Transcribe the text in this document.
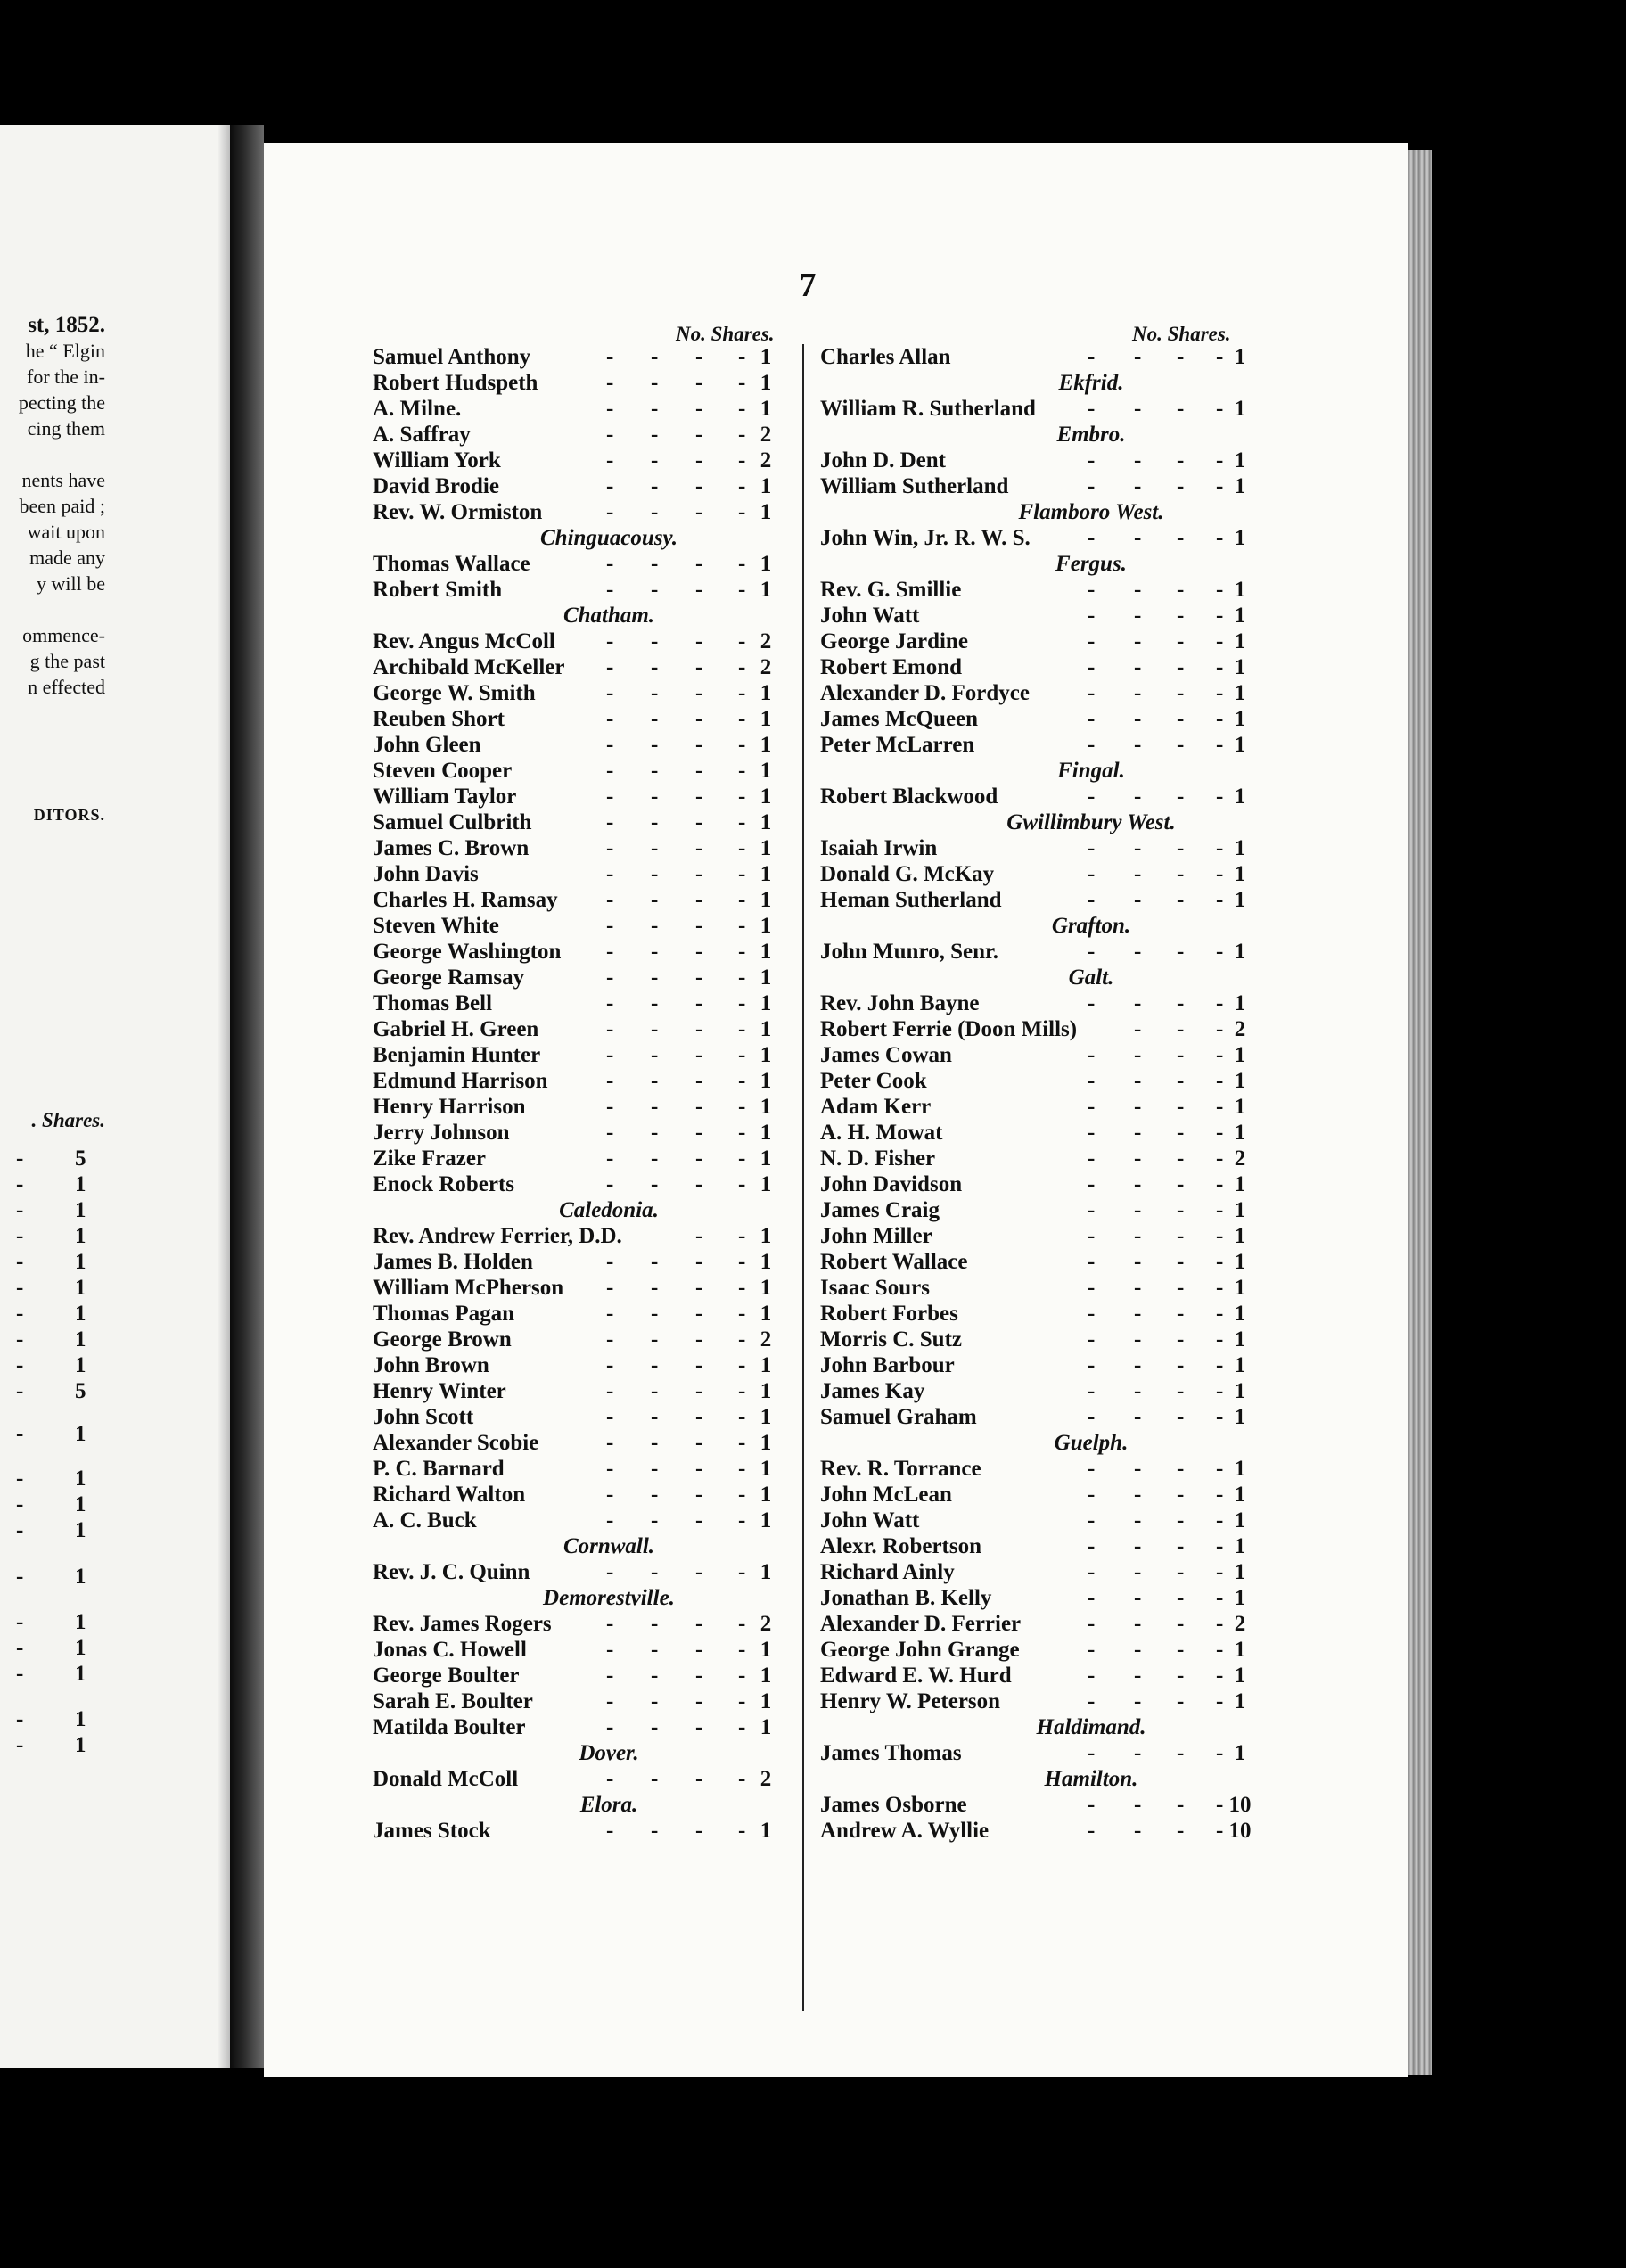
st, 1852.
he “ Elgin
for the in-
pecting the
cing them
nents have
been paid ;
wait upon
made any
y will be
ommence-
g the past
n effected
DITORS.
. Shares.
- 5
- 1
- 1
- 1
- 1
- 1
- 1
- 1
- 1
- 5
- 1
- 1
- 1
- 1
- 1
- 1
- 1
- 1
- 1
- 1
7
No. Shares.	No. Shares.
Samuel Anthony	- - - - 1
Robert Hudspeth	- - - - 1
A. Milne.	- - - - 1
A. Saffray	- - - - 2
William York	- - - - 2
David Brodie	- - - - 1
Rev. W. Ormiston	- - - - 1
Chinguacousy.
Thomas Wallace	- - - - 1
Robert Smith	- - - - 1
Chatham.
Rev. Angus McColl - - - - 2
Archibald McKeller - - - - 2
George W. Smith	- - - - 1
Reuben Short	- - - - 1
John Gleen	- - - - 1
Steven Cooper	- - - - 1
William Taylor	- - - - 1
Samuel Culbrith	- - - - 1
James C. Brown	- - - - 1
John Davis	- - - - 1
Charles H. Ramsay - - - - 1
Steven White	- - - - 1
George Washington - - - - 1
George Ramsay	- - - - 1
Thomas Bell	- - - - 1
Gabriel H. Green	- - - - 1
Benjamin Hunter	- - - - 1
Edmund Harrison	- - - - 1
Henry Harrison	- - - - 1
Jerry Johnson	- - - - 1
Zike Frazer	- - - - 1
Enock Roberts	- - - - 1
Caledonia.
Rev. Andrew Ferrier, D.D.	- - 1
James B. Holden	- - - - 1
William McPherson - - - - 1
Thomas Pagan	- - - - 1
George Brown	- - - - 2
John Brown	- - - - 1
Henry Winter	- - - - 1
John Scott	- - - - 1
Alexander Scobie	- - - - 1
P. C. Barnard	- - - - 1
Richard Walton	- - - - 1
A. C. Buck	- - - - 1
Cornwall.
Rev. J. C. Quinn	- - - - 1
Demorestville.
Rev. James Rogers - - - - 2
Jonas C. Howell	- - - - 1
George Boulter	- - - - 1
Sarah E. Boulter	- - - - 1
Matilda Boulter	- - - - 1
Dover.
Donald McColl	- - - - 2
Elora.
James Stock	- - - - 1
Charles Allan	- - - - 1
Ekfrid.
William R. Sutherland - - - - 1
Embro.
John D. Dent	- - - - 1
William Sutherland	- - - - 1
Flamboro West.
John Win, Jr. R. W. S.	- - - - 1
Fergus.
Rev. G. Smillie	- - - - 1
John Watt	- - - - 1
George Jardine	- - - - 1
Robert Emond	- - - - 1
Alexander D. Fordyce	- - - - 1
James McQueen	- - - - 1
Peter McLarren	- - - - 1
Fingal.
Robert Blackwood	- - - - 1
Gwillimbury West.
Isaiah Irwin	- - - - 1
Donald G. McKay	- - - - 1
Heman Sutherland	- - - - 1
Grafton.
John Munro, Senr.	- - - - 1
Galt.
Rev. John Bayne	- - - - 1
Robert Ferrie (Doon Mills)	- - - 2
James Cowan	- - - - 1
Peter Cook	- - - - 1
Adam Kerr	- - - - 1
A. H. Mowat	- - - - 1
N. D. Fisher	- - - - 2
John Davidson	- - - - 1
James Craig	- - - - 1
John Miller	- - - - 1
Robert Wallace	- - - - 1
Isaac Sours	- - - - 1
Robert Forbes	- - - - 1
Morris C. Sutz	- - - - 1
John Barbour	- - - - 1
James Kay	- - - - 1
Samuel Graham	- - - - 1
Guelph.
Rev. R. Torrance	- - - - 1
John McLean	- - - - 1
John Watt	- - - - 1
Alexr. Robertson	- - - - 1
Richard Ainly	- - - - 1
Jonathan B. Kelly	- - - - 1
Alexander D. Ferrier	- - - - 2
George John Grange	- - - - 1
Edward E. W. Hurd	- - - - 1
Henry W. Peterson	- - - - 1
Haldimand.
James Thomas	- - - - 1
Hamilton.
James Osborne	- - - - 10
Andrew A. Wyllie	- - - - 10
